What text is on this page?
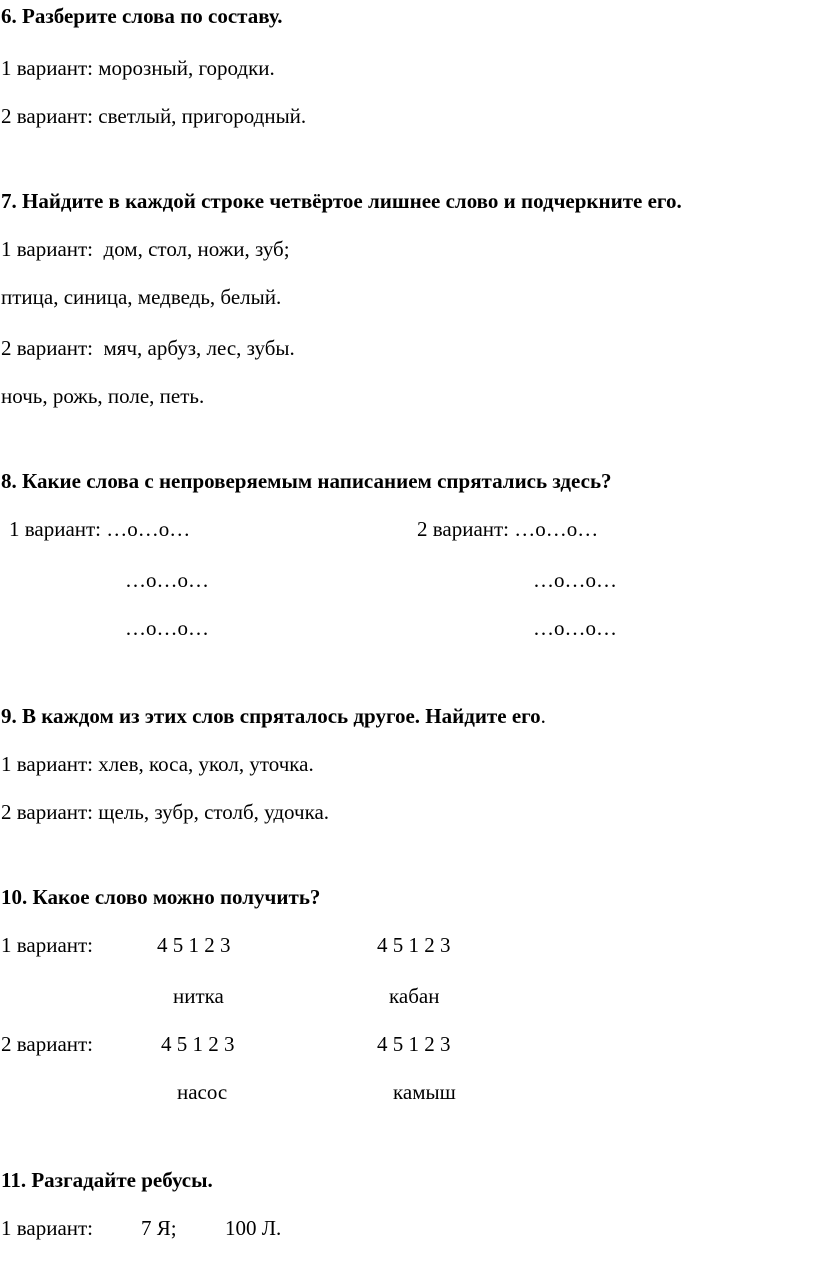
6. Разберите слова по составу.
1 вариант: морозный, городки.
2 вариант: светлый, пригородный.
7. Найдите в каждой строке четвёртое лишнее слово и подчеркните его.
1 вариант:  дом, стол, ножи, зуб;
птица, синица, медведь, белый.
2 вариант:  мяч, арбуз, лес, зубы.
ночь, рожь, поле, петь.
8. Какие слова с непроверяемым написанием спрятались здесь?
1 вариант: …о…о…	2 вариант: …о…о…
…о…о…	…о…о…
…о…о…	…о…о…
9. В каждом из этих слов спряталось другое. Найдите его.
1 вариант: хлев, коса, укол, уточка.
2 вариант: щель, зубр, столб, удочка.
10. Какое слово можно получить?
1 вариант:	4 5 1 2 3	4 5 1 2 3
нитка	кабан
2 вариант:	4 5 1 2 3	4 5 1 2 3
насос	камыш
11. Разгадайте ребусы.
1 вариант: 7 Я; 100 Л.
